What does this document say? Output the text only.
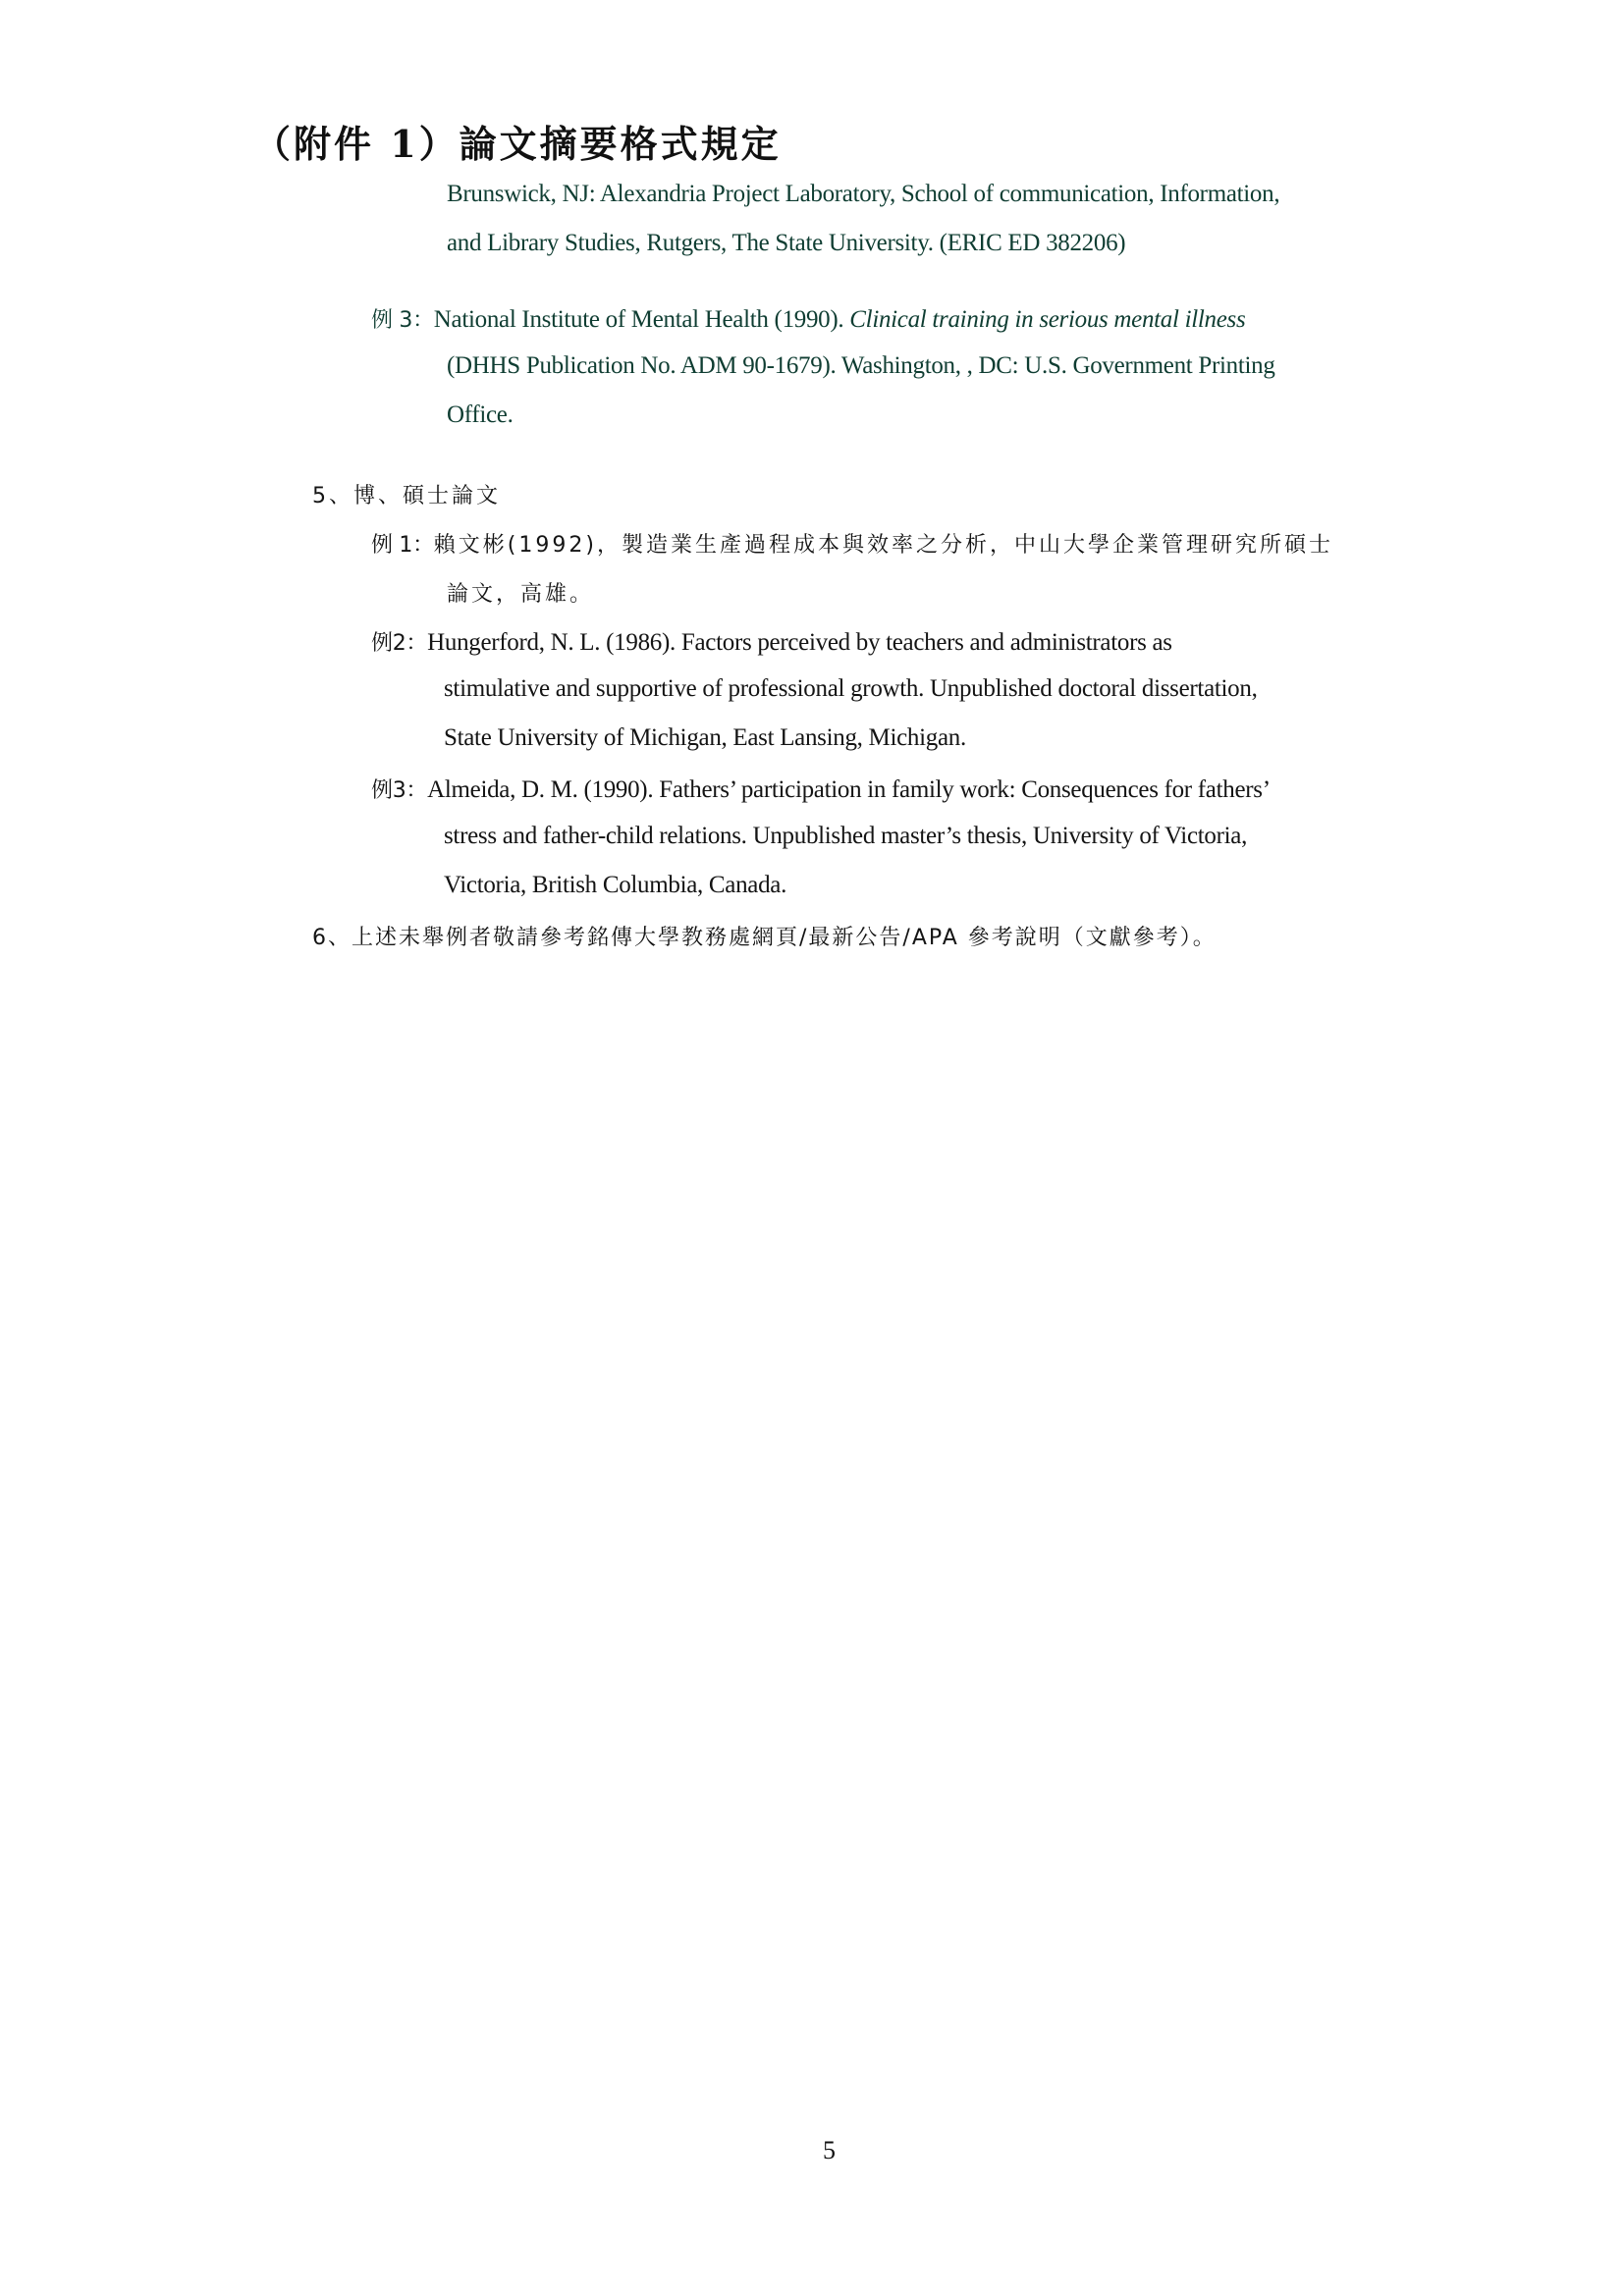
（附件 1）論文摘要格式規定
Brunswick, NJ: Alexandria Project Laboratory, School of communication, Information,
and Library Studies, Rutgers, The State University. (ERIC ED 382206)
例 3：National Institute of Mental Health (1990). Clinical training in serious mental illness
(DHHS Publication No. ADM 90-1679). Washington, , DC: U.S. Government Printing
Office.
5、博、碩士論文
例 1：賴文彬(1992)，製造業生產過程成本與效率之分析，中山大學企業管理研究所碩士
論文，高雄。
例2：Hungerford, N. L. (1986). Factors perceived by teachers and administrators as
stimulative and supportive of professional growth. Unpublished doctoral dissertation,
State University of Michigan, East Lansing, Michigan.
例3：Almeida, D. M. (1990). Fathers’ participation in family work: Consequences for fathers’
stress and father-child relations. Unpublished master’s thesis, University of Victoria,
Victoria, British Columbia, Canada.
6、上述未舉例者敬請參考銘傳大學教務處網頁/最新公告/APA 參考說明（文獻參考）。
5
